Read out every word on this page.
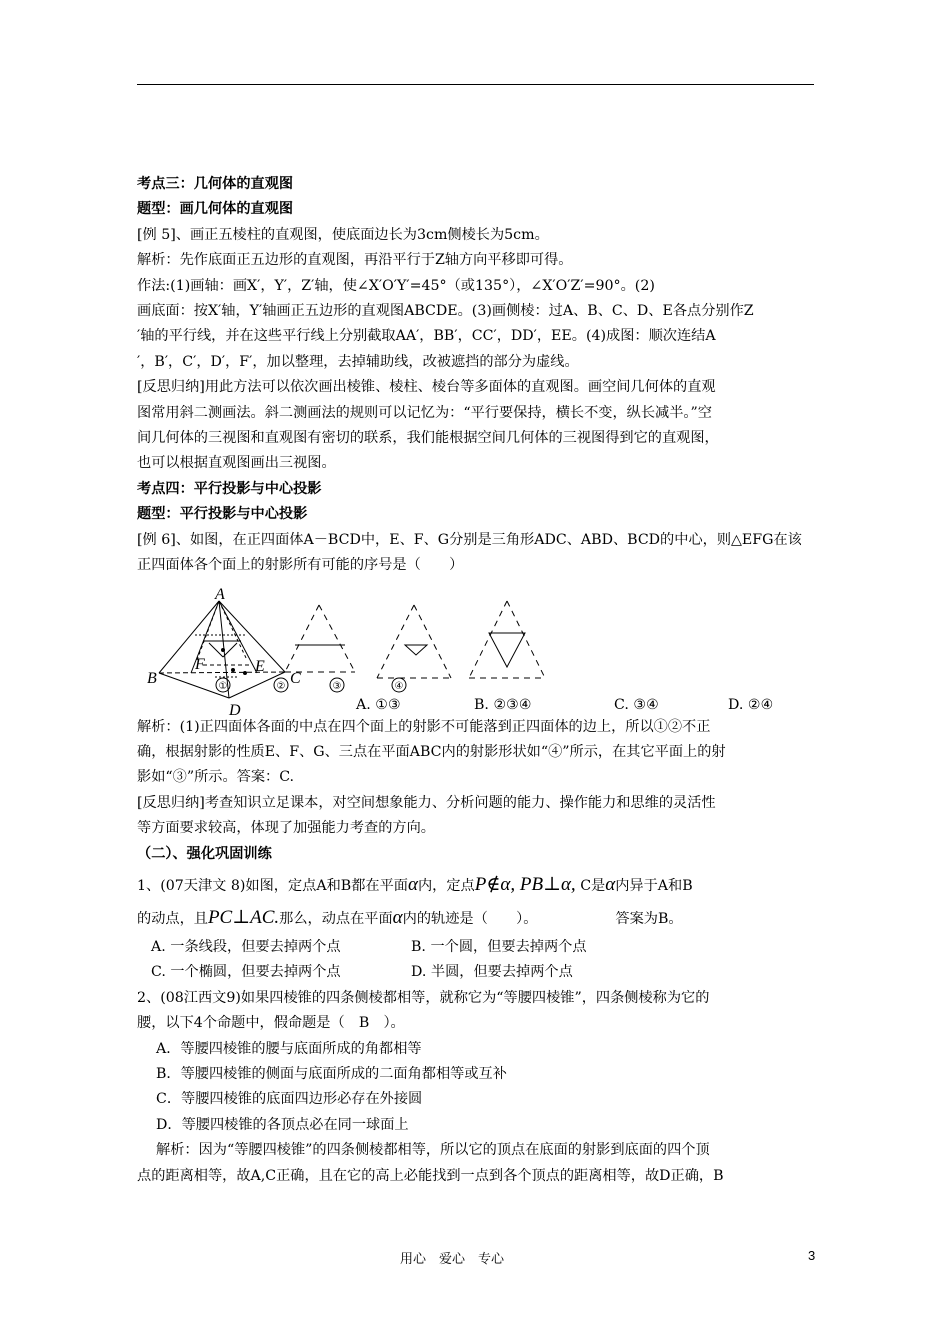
考点三：几何体的直观图

题型：画几何体的直观图

[例 5]、画正五棱柱的直观图，使底面边长为3cm侧棱长为5cm。

解析：先作底面正五边形的直观图，再沿平行于Z轴方向平移即可得。

作法:(1)画轴：画X′，Y′，Z′轴，使∠X′O′Y′=45°（或135°），∠X′O′Z′=90°。(2)

画底面：按X′轴，Y′轴画正五边形的直观图ABCDE。(3)画侧棱：过A、B、C、D、E各点分别作Z

′轴的平行线，并在这些平行线上分别截取AA′，BB′，CC′，DD′，EE。(4)成图：顺次连结A

′，B′，C′，D′，F′，加以整理，去掉辅助线，改被遮挡的部分为虚线。

[反思归纳]用此方法可以依次画出棱锥、棱柱、棱台等多面体的直观图。画空间几何体的直观

图常用斜二测画法。斜二测画法的规则可以记忆为：“平行要保持，横长不变，纵长减半。”空

间几何体的三视图和直观图有密切的联系，我们能根据空间几何体的三视图得到它的直观图，

也可以根据直观图画出三视图。

考点四：平行投影与中心投影

题型：平行投影与中心投影

[例 6]、如图，在正四面体A－BCD中，E、F、G分别是三角形ADC、ABD、BCD的中心，则△EFG在该

正四面体各个面上的射影所有可能的序号是（　　）

A
B	C
D
E
F
①	②	③	④
A. ①③	B. ②③④	C. ③④	D. ②④

解析：(1)正四面体各面的中点在四个面上的射影不可能落到正四面体的边上，所以①②不正

确，根据射影的性质E、F、G、三点在平面ABC内的射影形状如“④”所示，在其它平面上的射

影如“③”所示。答案：C.

[反思归纳]考查知识立足课本，对空间想象能力、分析问题的能力、操作能力和思维的灵活性

等方面要求较高，体现了加强能力考查的方向。

（二）、强化巩固训练

1、(07天津文 8)如图，定点A和B都在平面α内，定点P∉α, PB⊥α, C是α内异于A和B

的动点，且PC⊥AC.那么，动点在平面α内的轨迹是（　　）。	答案为B。

A. 一条线段，但要去掉两个点	B. 一个圆，但要去掉两个点
C. 一个椭圆，但要去掉两个点	D. 半圆，但要去掉两个点

2、(08江西文9)如果四棱锥的四条侧棱都相等，就称它为“等腰四棱锥”，四条侧棱称为它的

腰，以下4个命题中，假命题 · · ·是（　B　）。

A．等腰四棱锥的腰与底面所成的角都相等

B．等腰四棱锥的侧面与底面所成的二面角都相等或互补

C．等腰四棱锥的底面四边形必存在外接圆

D．等腰四棱锥的各顶点必在同一球面上

解析：因为“等腰四棱锥”的四条侧棱都相等，所以它的顶点在底面的射影到底面的四个顶

点的距离相等，故A,C正确，且在它的高上必能找到一点到各个顶点的距离相等，故D正确，B

用心　爱心　专心	3
